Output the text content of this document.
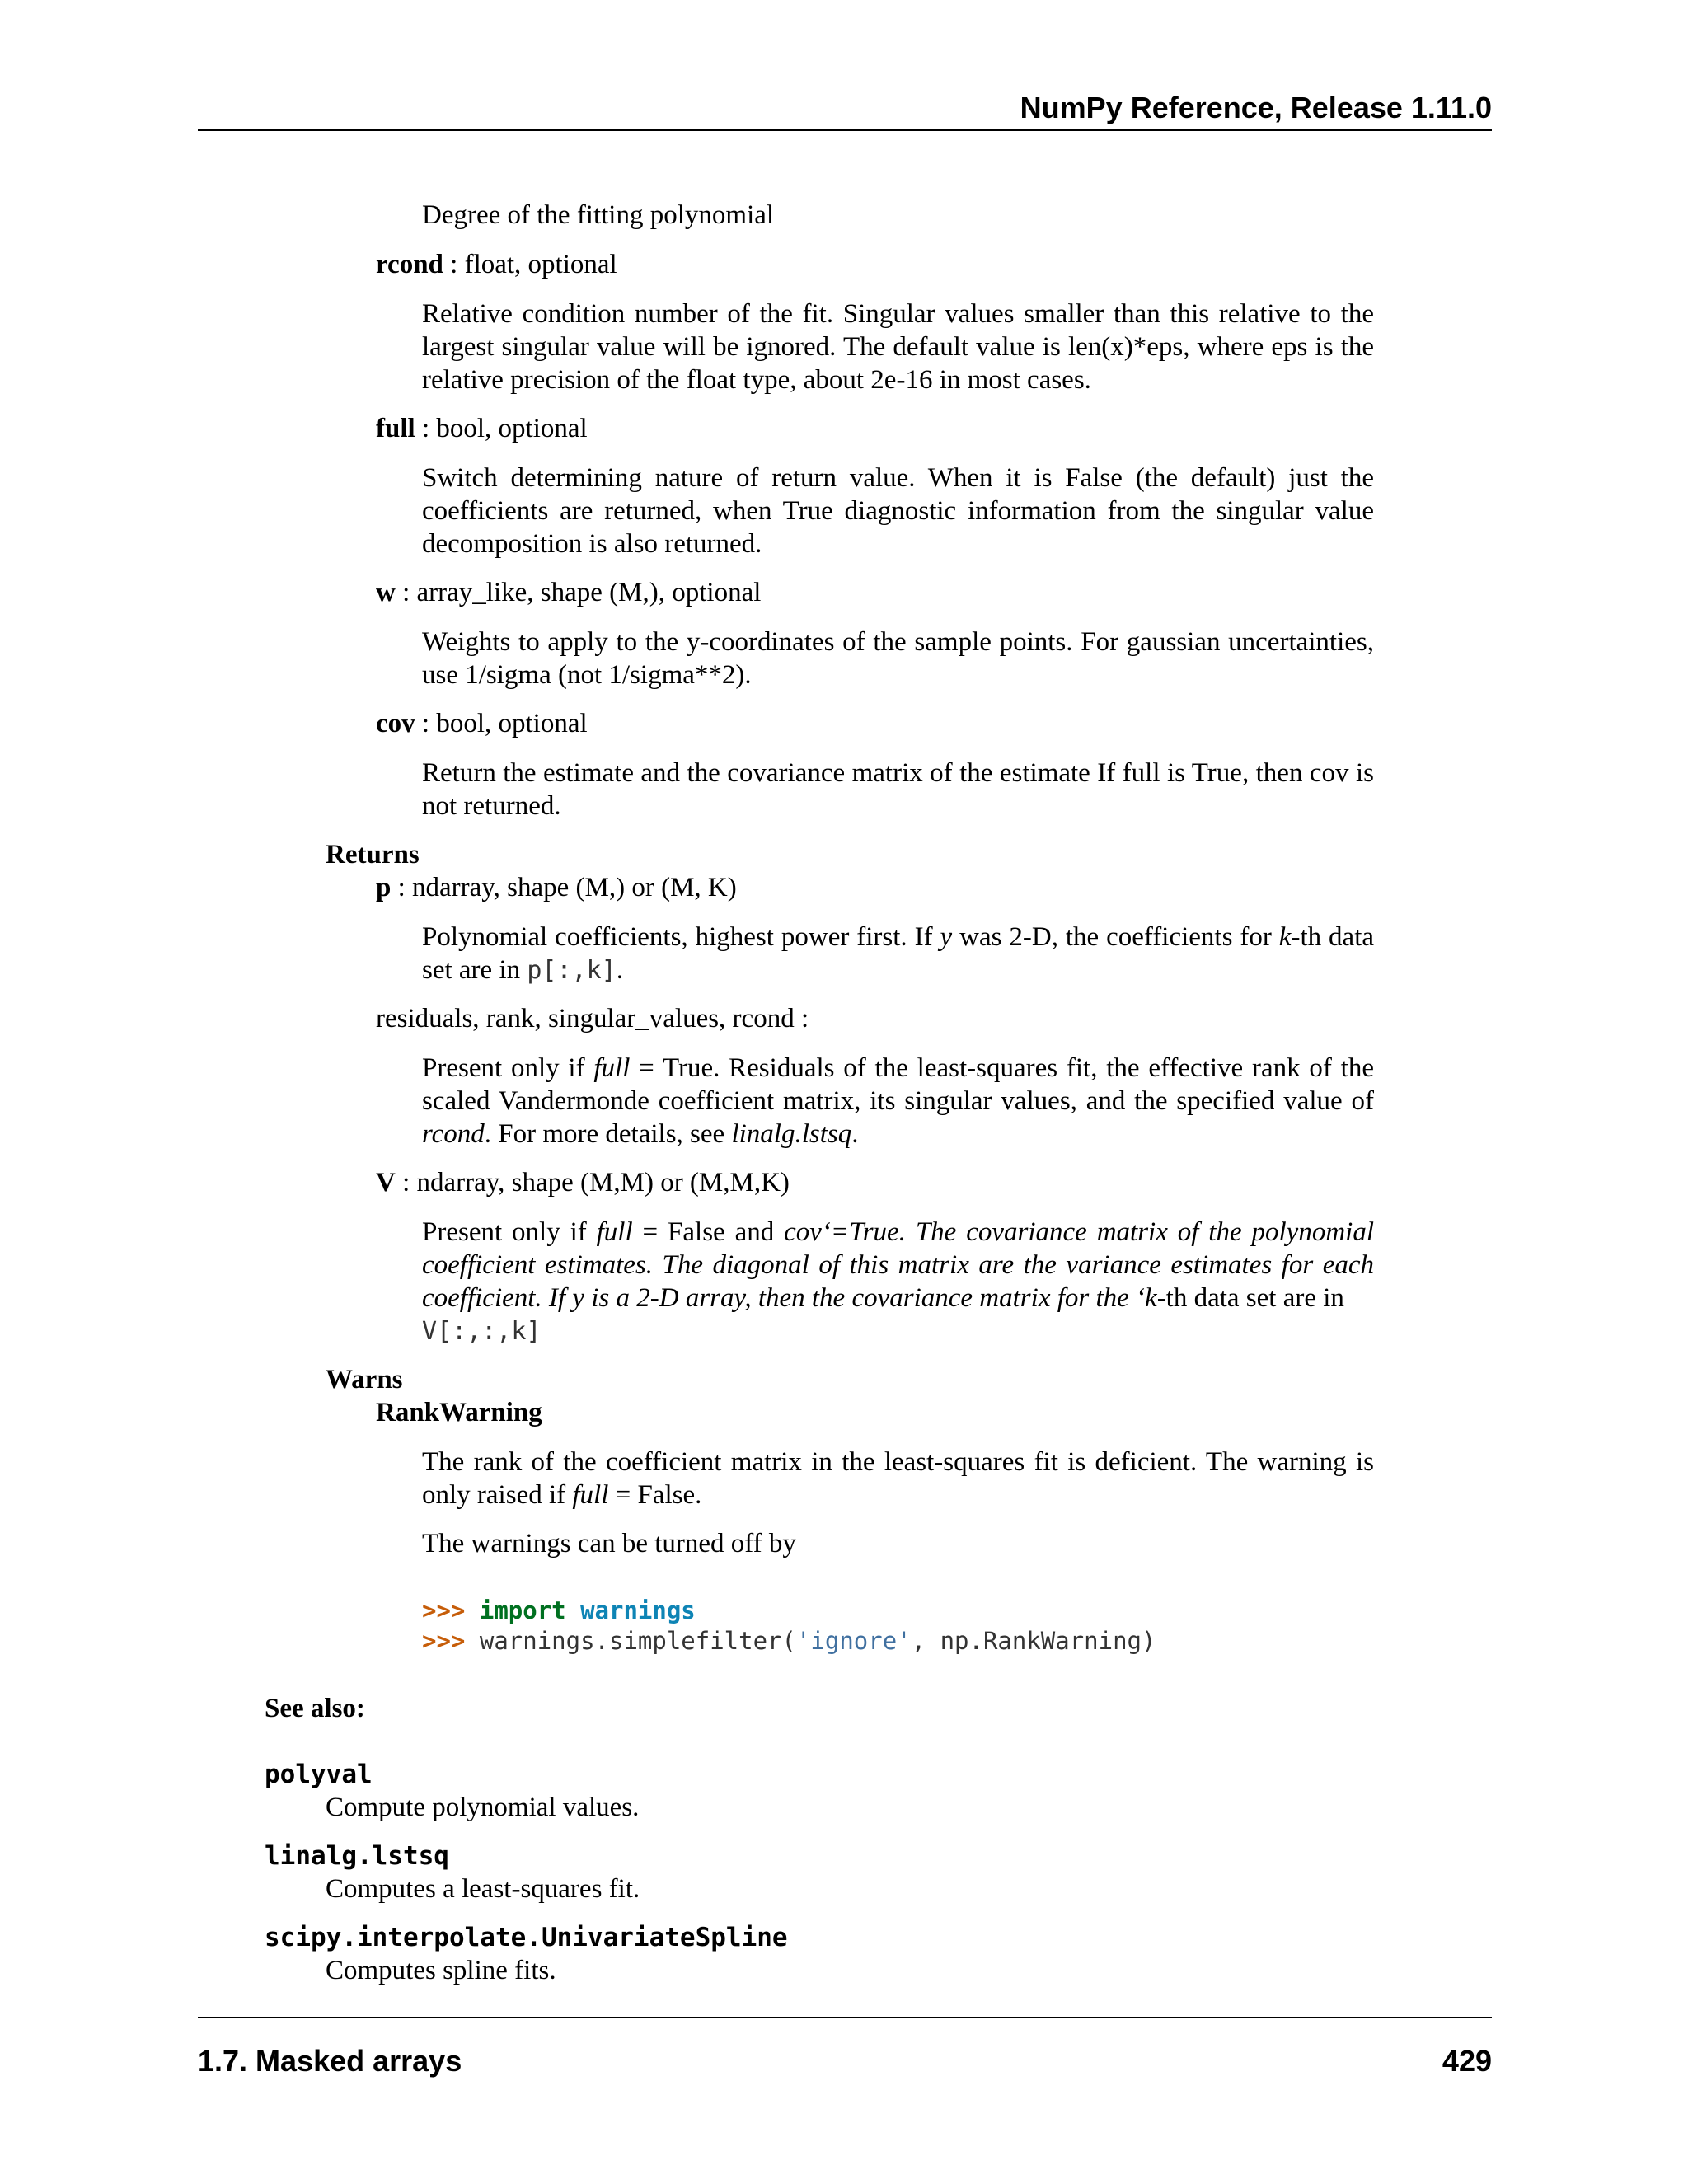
NumPy Reference, Release 1.11.0
Degree of the fitting polynomial
rcond : float, optional
Relative condition number of the fit. Singular values smaller than this relative to the largest singular value will be ignored. The default value is len(x)*eps, where eps is the relative precision of the float type, about 2e-16 in most cases.
full : bool, optional
Switch determining nature of return value. When it is False (the default) just the coefficients are returned, when True diagnostic information from the singular value decomposition is also returned.
w : array_like, shape (M,), optional
Weights to apply to the y-coordinates of the sample points. For gaussian uncertainties, use 1/sigma (not 1/sigma**2).
cov : bool, optional
Return the estimate and the covariance matrix of the estimate If full is True, then cov is not returned.
Returns
p : ndarray, shape (M,) or (M, K)
Polynomial coefficients, highest power first. If y was 2-D, the coefficients for k-th data set are in p[:,k].
residuals, rank, singular_values, rcond :
Present only if full = True. Residuals of the least-squares fit, the effective rank of the scaled Vandermonde coefficient matrix, its singular values, and the specified value of rcond. For more details, see linalg.lstsq.
V : ndarray, shape (M,M) or (M,M,K)
Present only if full = False and cov‘=True. The covariance matrix of the polynomial coefficient estimates. The diagonal of this matrix are the variance estimates for each coefficient. If y is a 2-D array, then the covariance matrix for the ‘k-th data set are in
V[:,:,k]
Warns
RankWarning
The rank of the coefficient matrix in the least-squares fit is deficient. The warning is only raised if full = False.
The warnings can be turned off by
>>> import warnings
>>> warnings.simplefilter('ignore', np.RankWarning)
See also:
polyval
Compute polynomial values.
linalg.lstsq
Computes a least-squares fit.
scipy.interpolate.UnivariateSpline
Computes spline fits.
1.7. Masked arrays	429
